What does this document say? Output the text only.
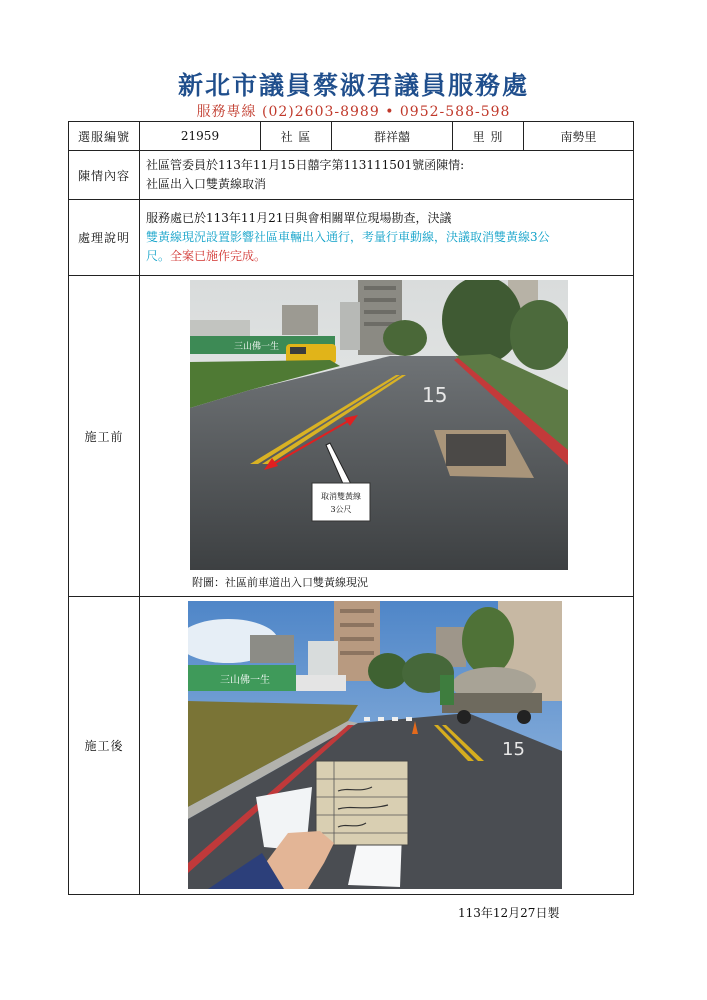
新北市議員蔡淑君議員服務處
服務專線 (02)2603-8989 • 0952-588-598
選服編號	21959	社 區	群祥囍	里 別	南勢里
陳情內容	社區管委員於113年11月15日囍字第113111501號函陳情:
社區出入口雙黃線取消				

處理說明	服務處已於113年11月21日與會相關單位現場勘查，決議
雙黃線現況設置影響社區車輛出入通行，考量行車動線，決議取消雙黃線3公
尺。全案已施作完成。				

施工前	三山佛一生
15
取消雙黃線
3公尺
附圖：社區前車道出入口雙黃線現況				

施工後	三山佛一生
15				
113年12月27日製
